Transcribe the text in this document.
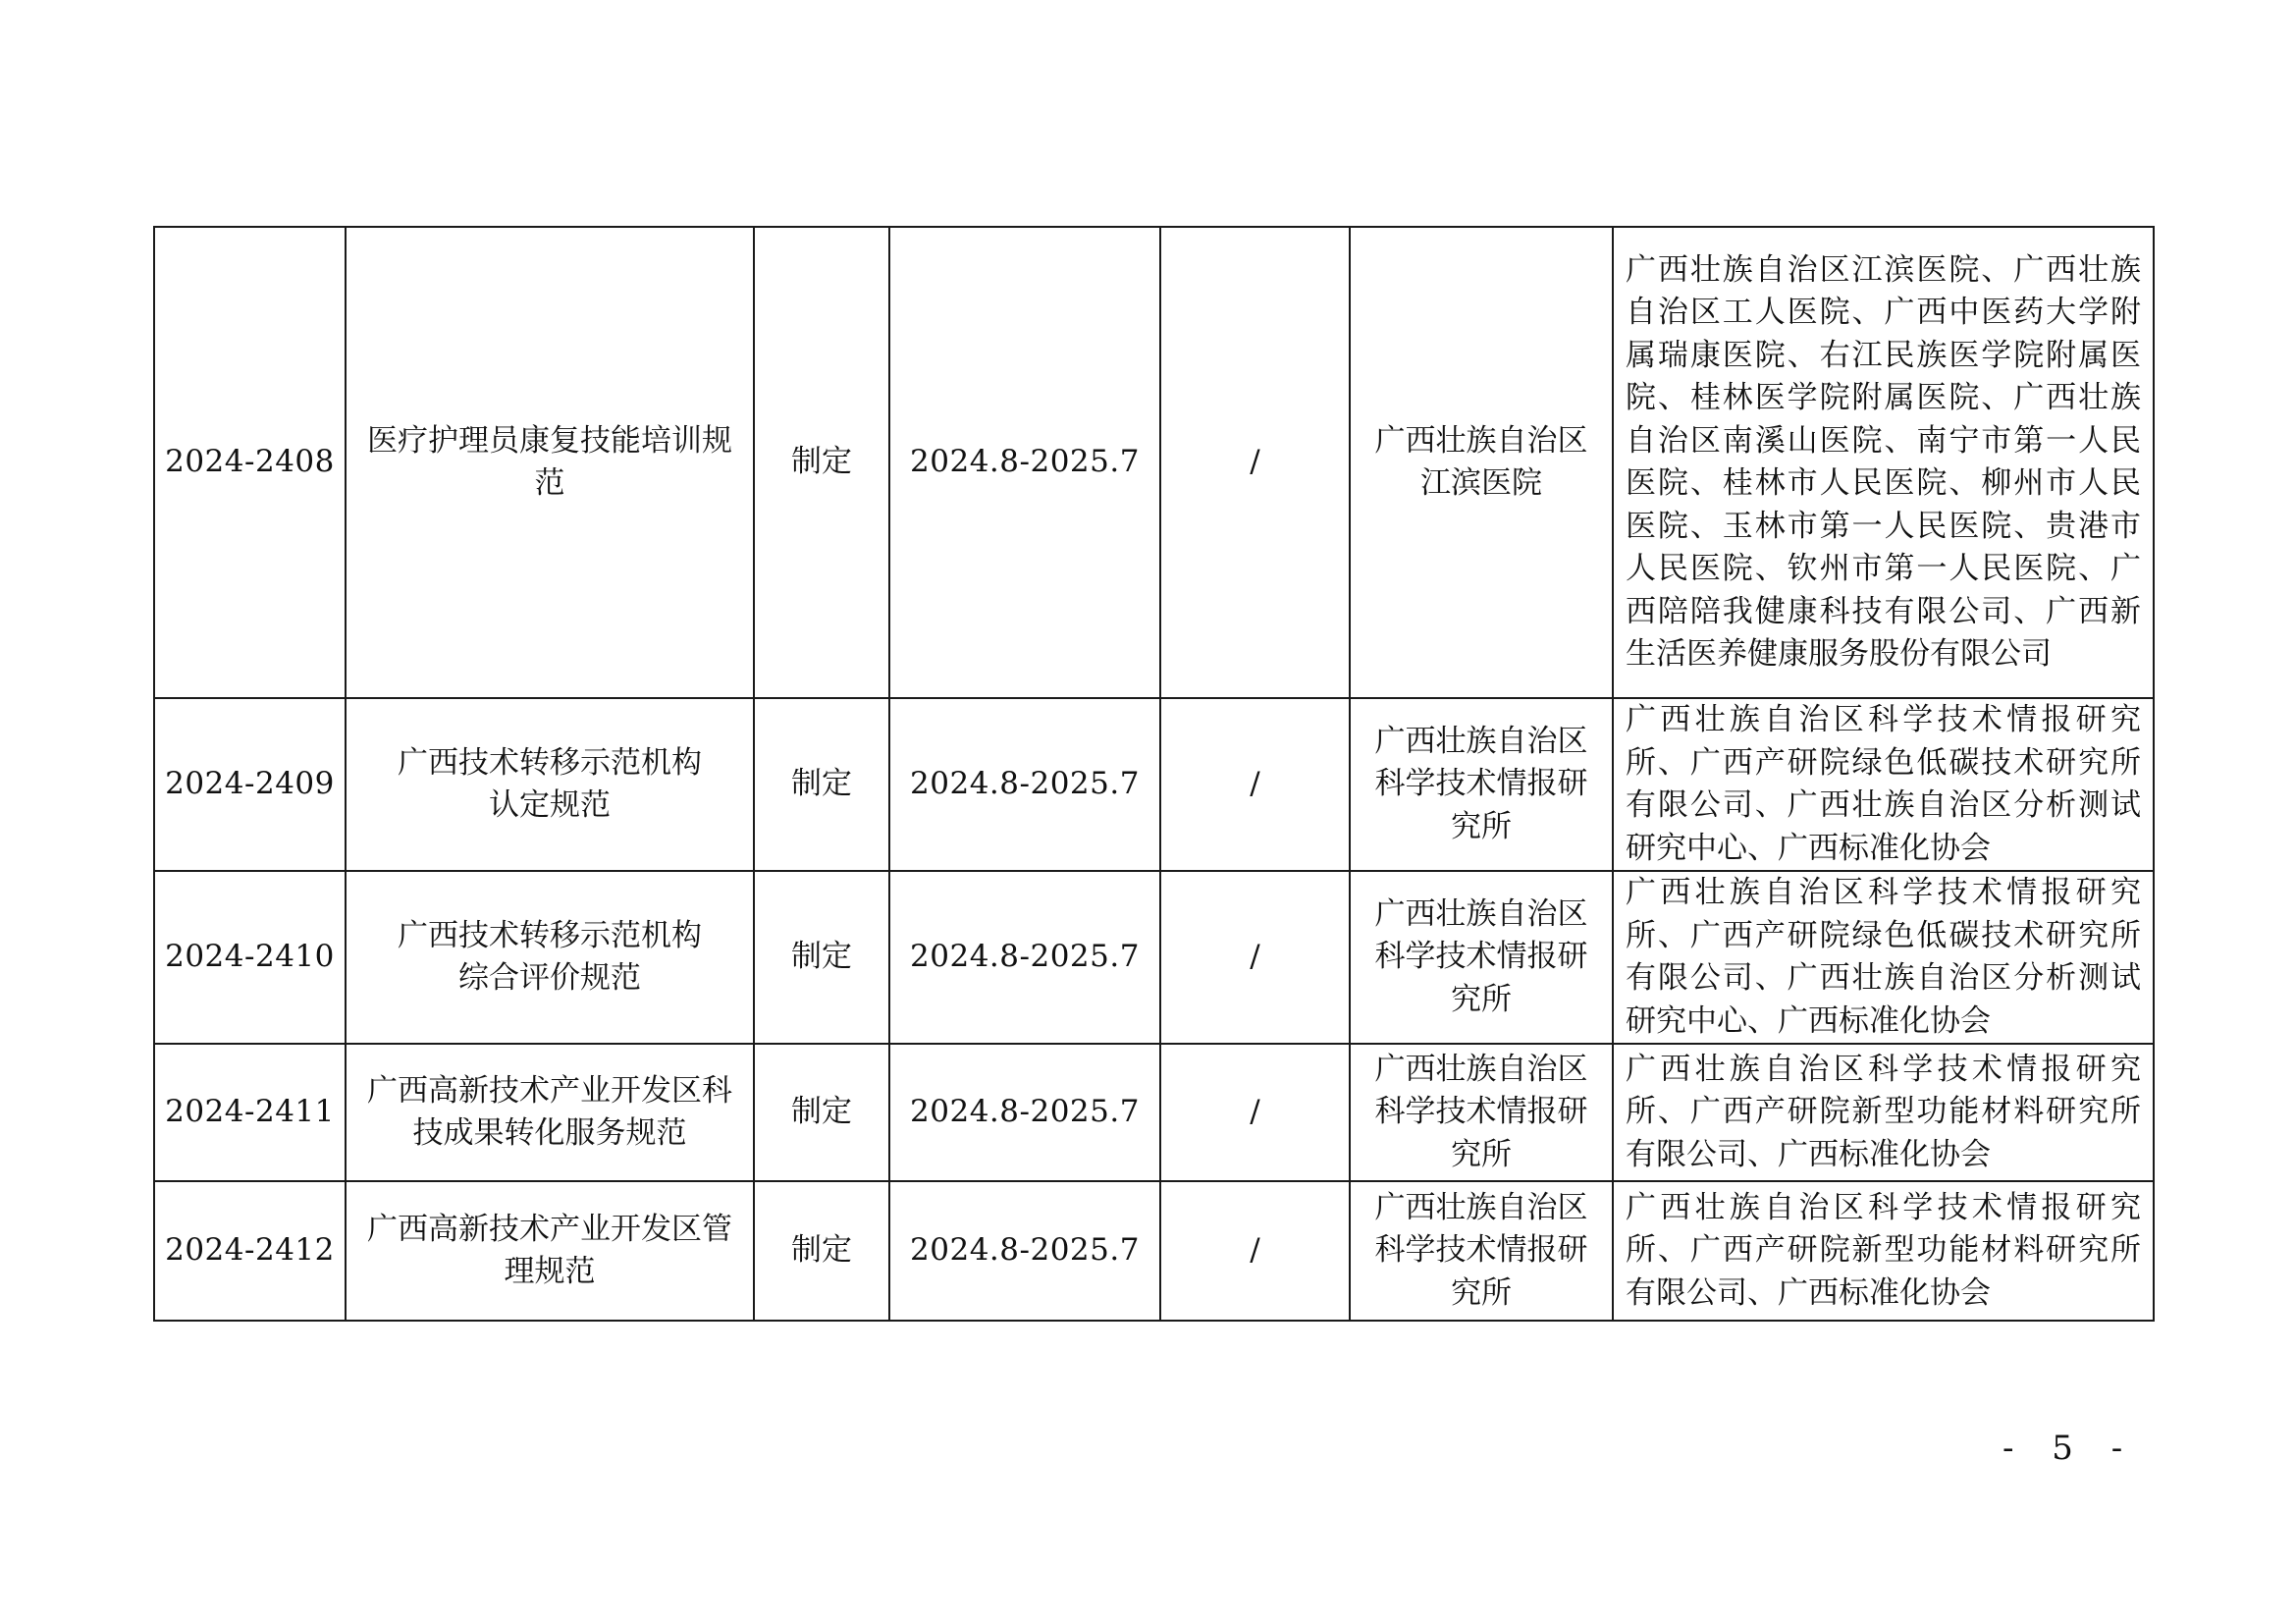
2024-2408	医疗护理员康复技能培训规范	制定	2024.8-2025.7	/	广西壮族自治区江滨医院	广西壮族自治区江滨医院、广西壮族自治区工人医院、广西中医药大学附属瑞康医院、右江民族医学院附属医院、桂林医学院附属医院、广西壮族自治区南溪山医院、南宁市第一人民医院、桂林市人民医院、柳州市人民医院、玉林市第一人民医院、贵港市人民医院、钦州市第一人民医院、广西陪陪我健康科技有限公司、广西新生活医养健康服务股份有限公司
2024-2409	广西技术转移示范机构认定规范	制定	2024.8-2025.7	/	广西壮族自治区科学技术情报研究所	广西壮族自治区科学技术情报研究所、广西产研院绿色低碳技术研究所有限公司、广西壮族自治区分析测试研究中心、广西标准化协会
2024-2410	广西技术转移示范机构综合评价规范	制定	2024.8-2025.7	/	广西壮族自治区科学技术情报研究所	广西壮族自治区科学技术情报研究所、广西产研院绿色低碳技术研究所有限公司、广西壮族自治区分析测试研究中心、广西标准化协会
2024-2411	广西高新技术产业开发区科技成果转化服务规范	制定	2024.8-2025.7	/	广西壮族自治区科学技术情报研究所	广西壮族自治区科学技术情报研究所、广西产研院新型功能材料研究所有限公司、广西标准化协会
2024-2412	广西高新技术产业开发区管理规范	制定	2024.8-2025.7	/	广西壮族自治区科学技术情报研究所	广西壮族自治区科学技术情报研究所、广西产研院新型功能材料研究所有限公司、广西标准化协会
- 5 -
